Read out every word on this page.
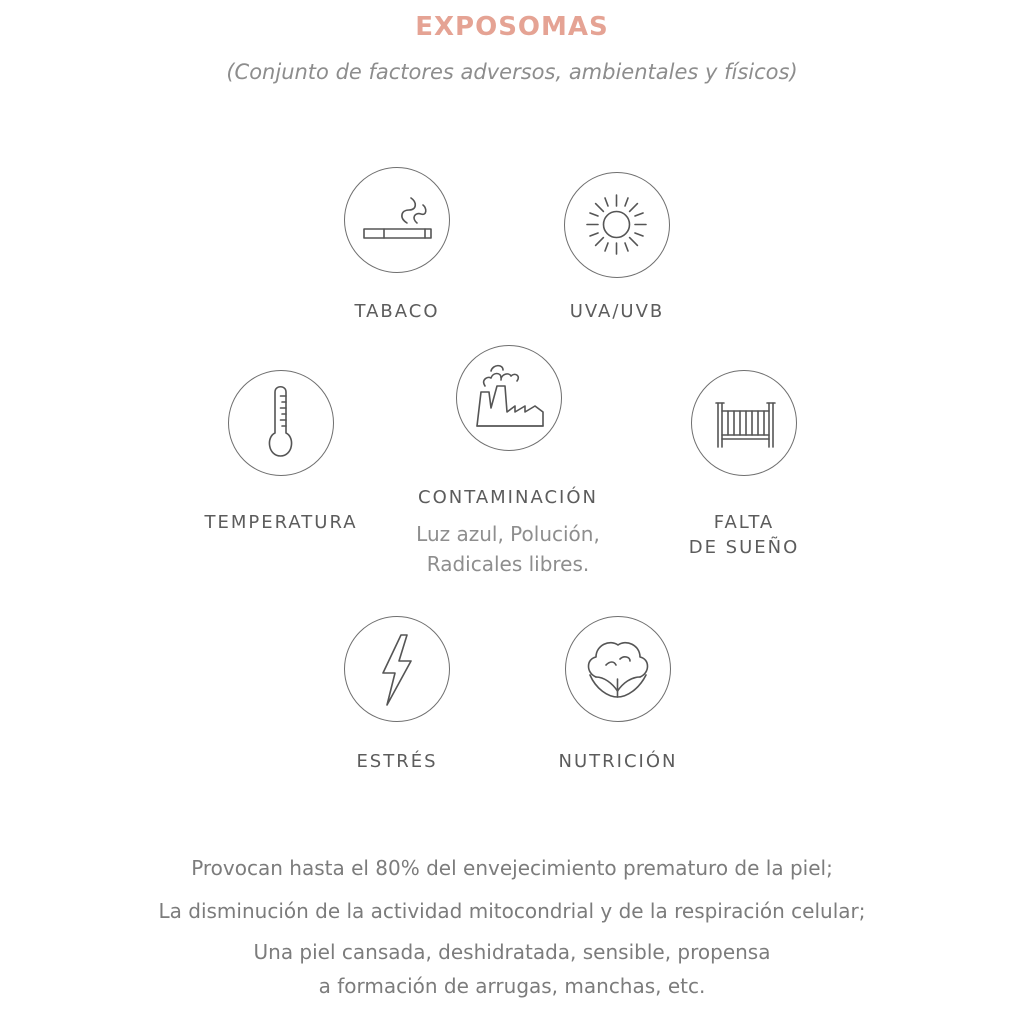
EXPOSOMAS
(Conjunto de factores adversos, ambientales y físicos)
TABACO	UVA/UVB
TEMPERATURA
CONTAMINACIÓN
Luz azul, Polución,
Radicales libres.
FALTA
DE SUEÑO
ESTRÉS	NUTRICIÓN
Provocan hasta el 80% del envejecimiento prematuro de la piel;
La disminución de la actividad mitocondrial y de la respiración celular;
Una piel cansada, deshidratada, sensible, propensa
a formación de arrugas, manchas, etc.
